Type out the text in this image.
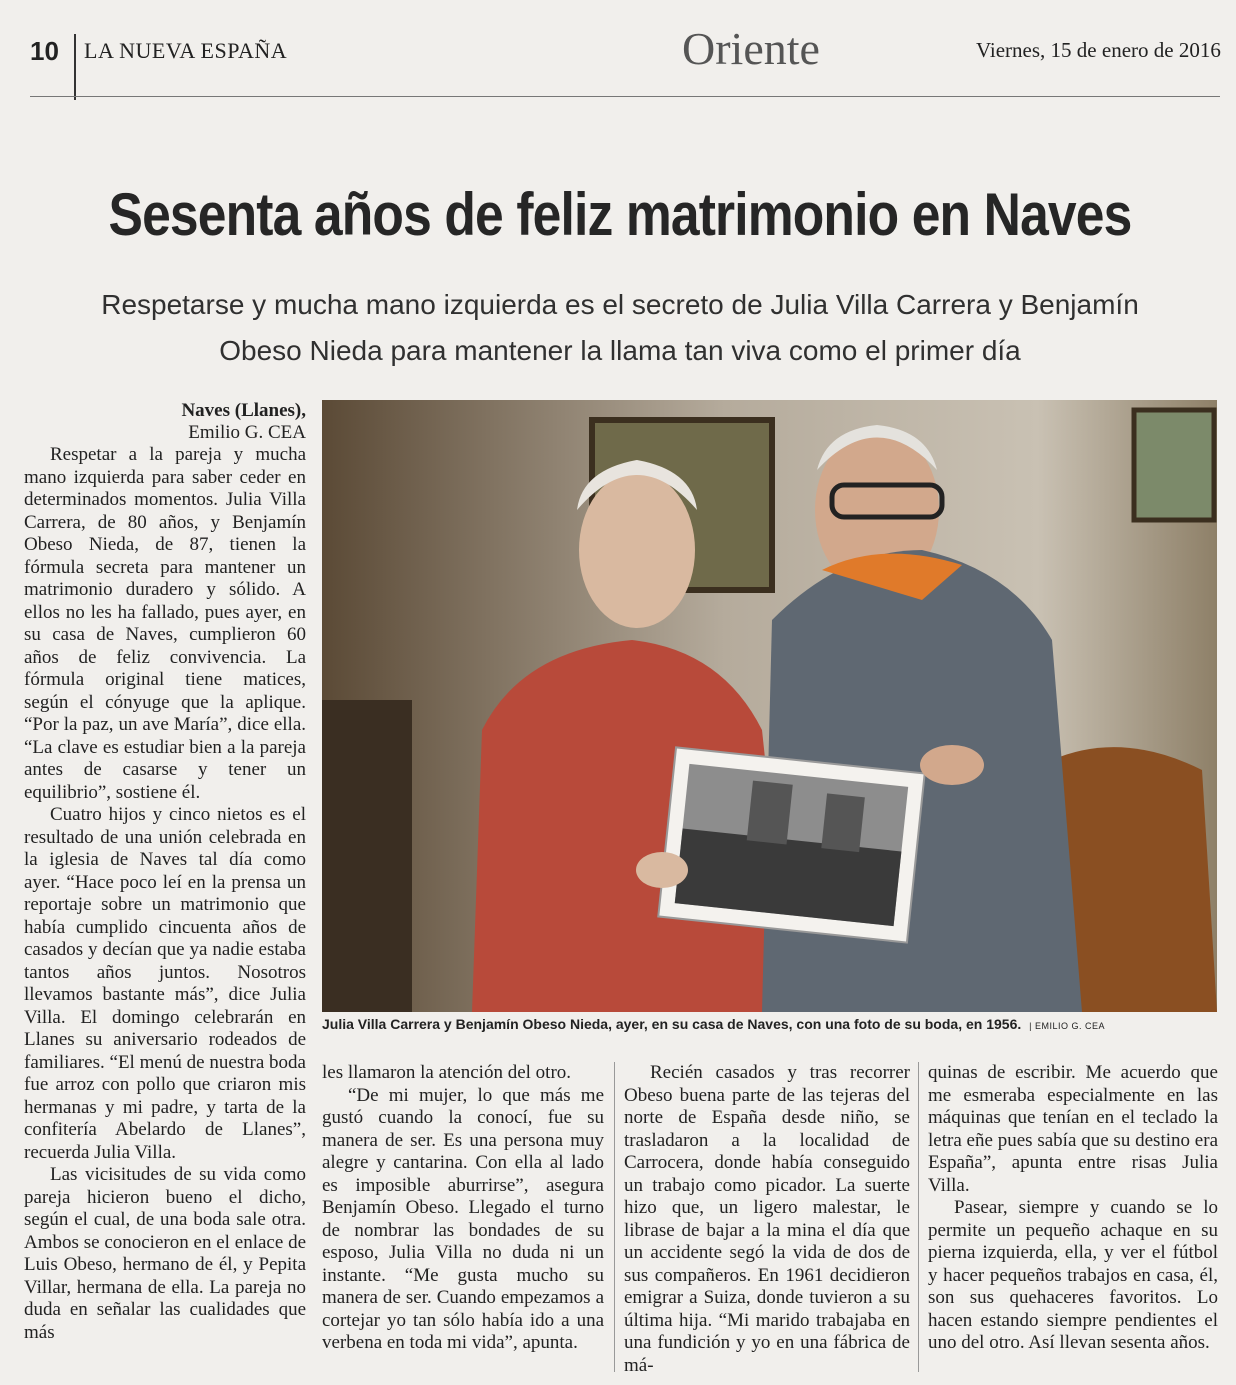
10 LA NUEVA ESPAÑA	Oriente	Viernes, 15 de enero de 2016
Sesenta años de feliz matrimonio en Naves
Respetarse y mucha mano izquierda es el secreto de Julia Villa Carrera y Benjamín Obeso Nieda para mantener la llama tan viva como el primer día
Naves (Llanes),
Emilio G. CEA

Respetar a la pareja y mucha mano izquierda para saber ceder en determinados momentos. Julia Villa Carrera, de 80 años, y Benjamín Obeso Nieda, de 87, tienen la fórmula secreta para mantener un matrimonio duradero y sólido. A ellos no les ha fallado, pues ayer, en su casa de Naves, cumplieron 60 años de feliz convivencia. La fórmula original tiene matices, según el cónyuge que la aplique. “Por la paz, un ave María”, dice ella. “La clave es estudiar bien a la pareja antes de casarse y tener un equilibrio”, sostiene él.

Cuatro hijos y cinco nietos es el resultado de una unión celebrada en la iglesia de Naves tal día como ayer. “Hace poco leí en la prensa un reportaje sobre un matrimonio que había cumplido cincuenta años de casados y decían que ya nadie estaba tantos años juntos. Nosotros llevamos bastante más”, dice Julia Villa. El domingo celebrarán en Llanes su aniversario rodeados de familiares. “El menú de nuestra boda fue arroz con pollo que criaron mis hermanas y mi padre, y tarta de la confitería Abelardo de Llanes”, recuerda Julia Villa.

Las vicisitudes de su vida como pareja hicieron bueno el dicho, según el cual, de una boda sale otra. Ambos se conocieron en el enlace de Luis Obeso, hermano de él, y Pepita Villar, hermana de ella. La pareja no duda en señalar las cualidades que más

Julia Villa Carrera y Benjamín Obeso Nieda, ayer, en su casa de Naves, con una foto de su boda, en 1956. | EMILIO G. CEA

les llamaron la atención del otro.

“De mi mujer, lo que más me gustó cuando la conocí, fue su manera de ser. Es una persona muy alegre y cantarina. Con ella al lado es imposible aburrirse”, asegura Benjamín Obeso. Llegado el turno de nombrar las bondades de su esposo, Julia Villa no duda ni un instante. “Me gusta mucho su manera de ser. Cuando empezamos a cortejar yo tan sólo había ido a una verbena en toda mi vida”, apunta.

Recién casados y tras recorrer Obeso buena parte de las tejeras del norte de España desde niño, se trasladaron a la localidad de Carrocera, donde había conseguido un trabajo como picador. La suerte hizo que, un ligero malestar, le librase de bajar a la mina el día que un accidente segó la vida de dos de sus compañeros. En 1961 decidieron emigrar a Suiza, donde tuvieron a su última hija. “Mi marido trabajaba en una fundición y yo en una fábrica de má-

quinas de escribir. Me acuerdo que me esmeraba especialmente en las máquinas que tenían en el teclado la letra eñe pues sabía que su destino era España”, apunta entre risas Julia Villa.

Pasear, siempre y cuando se lo permite un pequeño achaque en su pierna izquierda, ella, y ver el fútbol y hacer pequeños trabajos en casa, él, son sus quehaceres favoritos. Lo hacen estando siempre pendientes el uno del otro. Así llevan sesenta años.
